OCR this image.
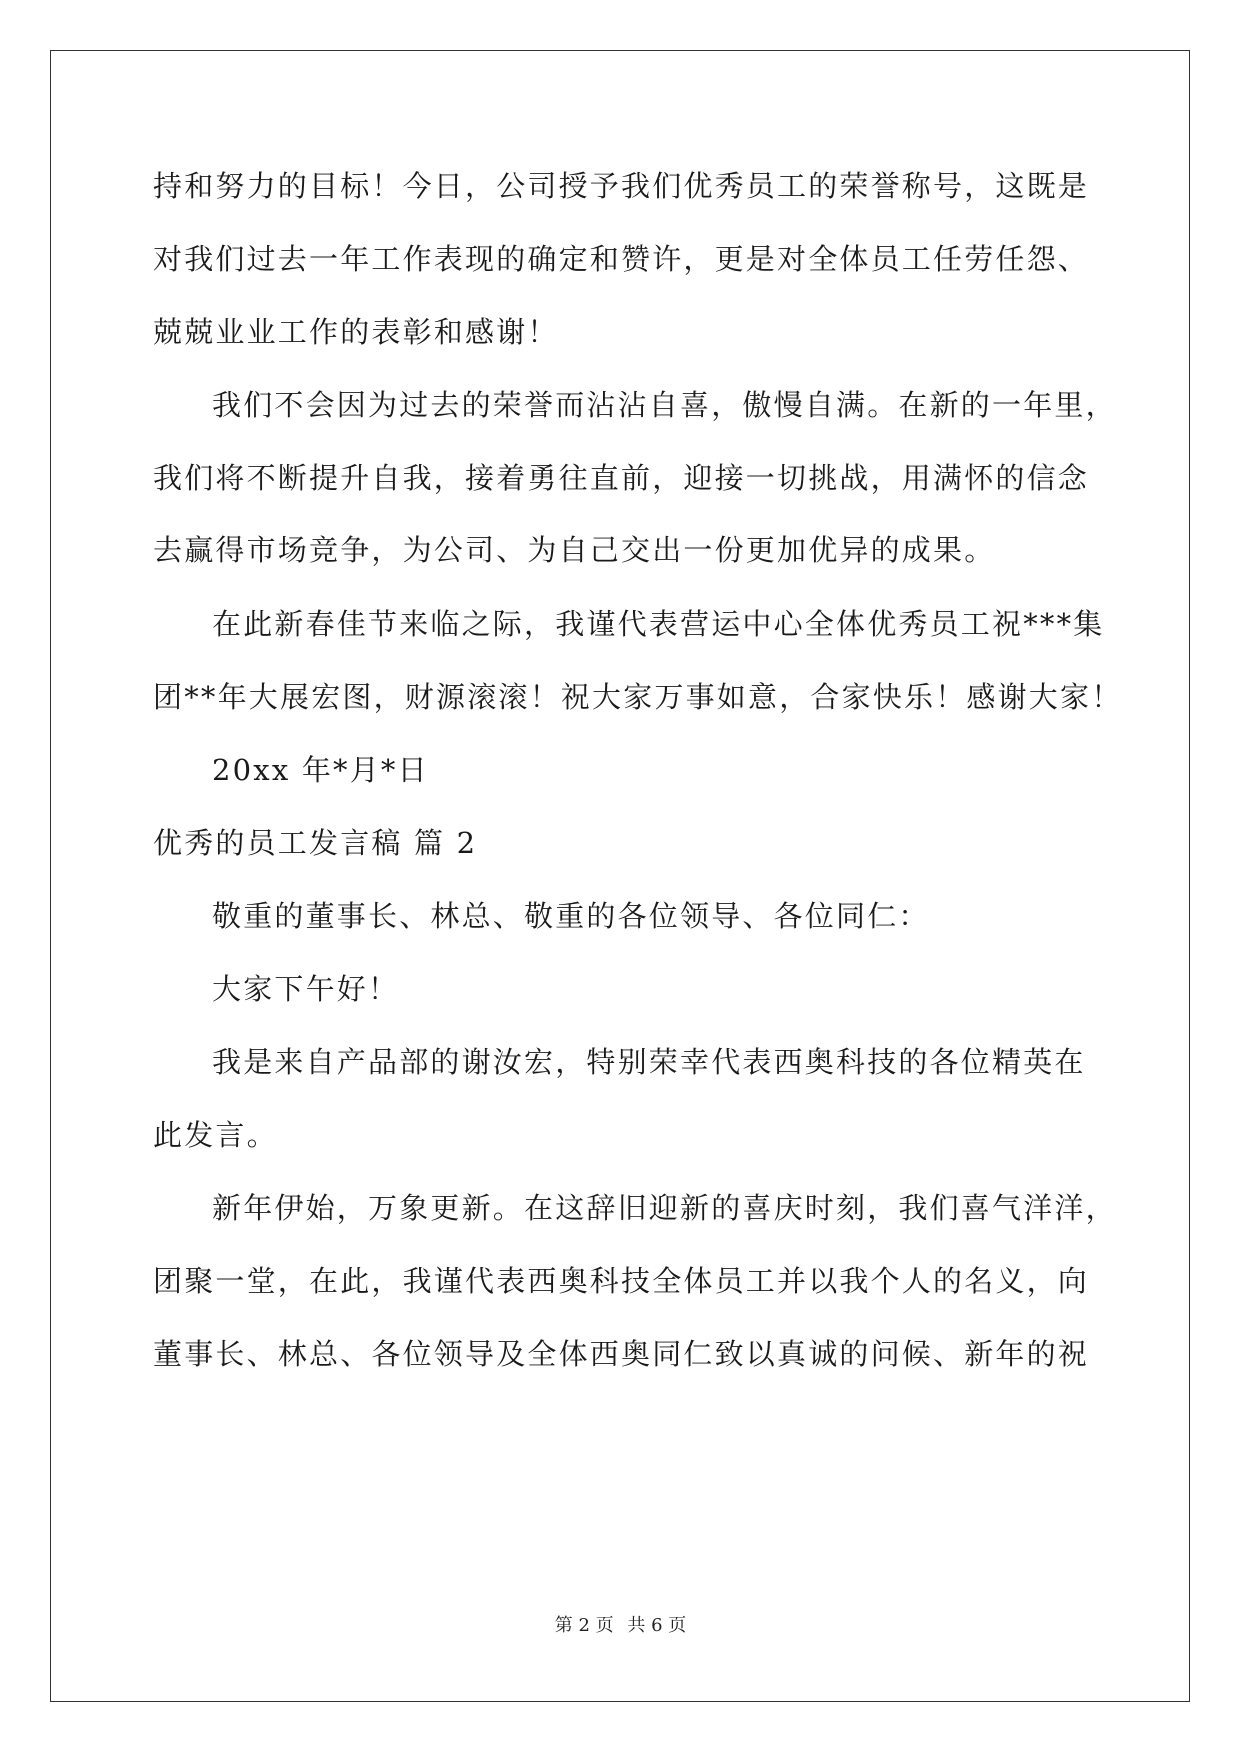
持和努力的目标！今日，公司授予我们优秀员工的荣誉称号，这既是
对我们过去一年工作表现的确定和赞许，更是对全体员工任劳任怨、
兢兢业业工作的表彰和感谢！
我们不会因为过去的荣誉而沾沾自喜，傲慢自满。在新的一年里，
我们将不断提升自我，接着勇往直前，迎接一切挑战，用满怀的信念
去赢得市场竞争，为公司、为自己交出一份更加优异的成果。
在此新春佳节来临之际，我谨代表营运中心全体优秀员工祝***集
团**年大展宏图，财源滚滚！祝大家万事如意，合家快乐！感谢大家！
20xx 年*月*日
优秀的员工发言稿 篇 2
敬重的董事长、林总、敬重的各位领导、各位同仁：
大家下午好！
我是来自产品部的谢汝宏，特别荣幸代表西奥科技的各位精英在
此发言。
新年伊始，万象更新。在这辞旧迎新的喜庆时刻，我们喜气洋洋，
团聚一堂，在此，我谨代表西奥科技全体员工并以我个人的名义，向
董事长、林总、各位领导及全体西奥同仁致以真诚的问候、新年的祝
第 2 页 共 6 页
